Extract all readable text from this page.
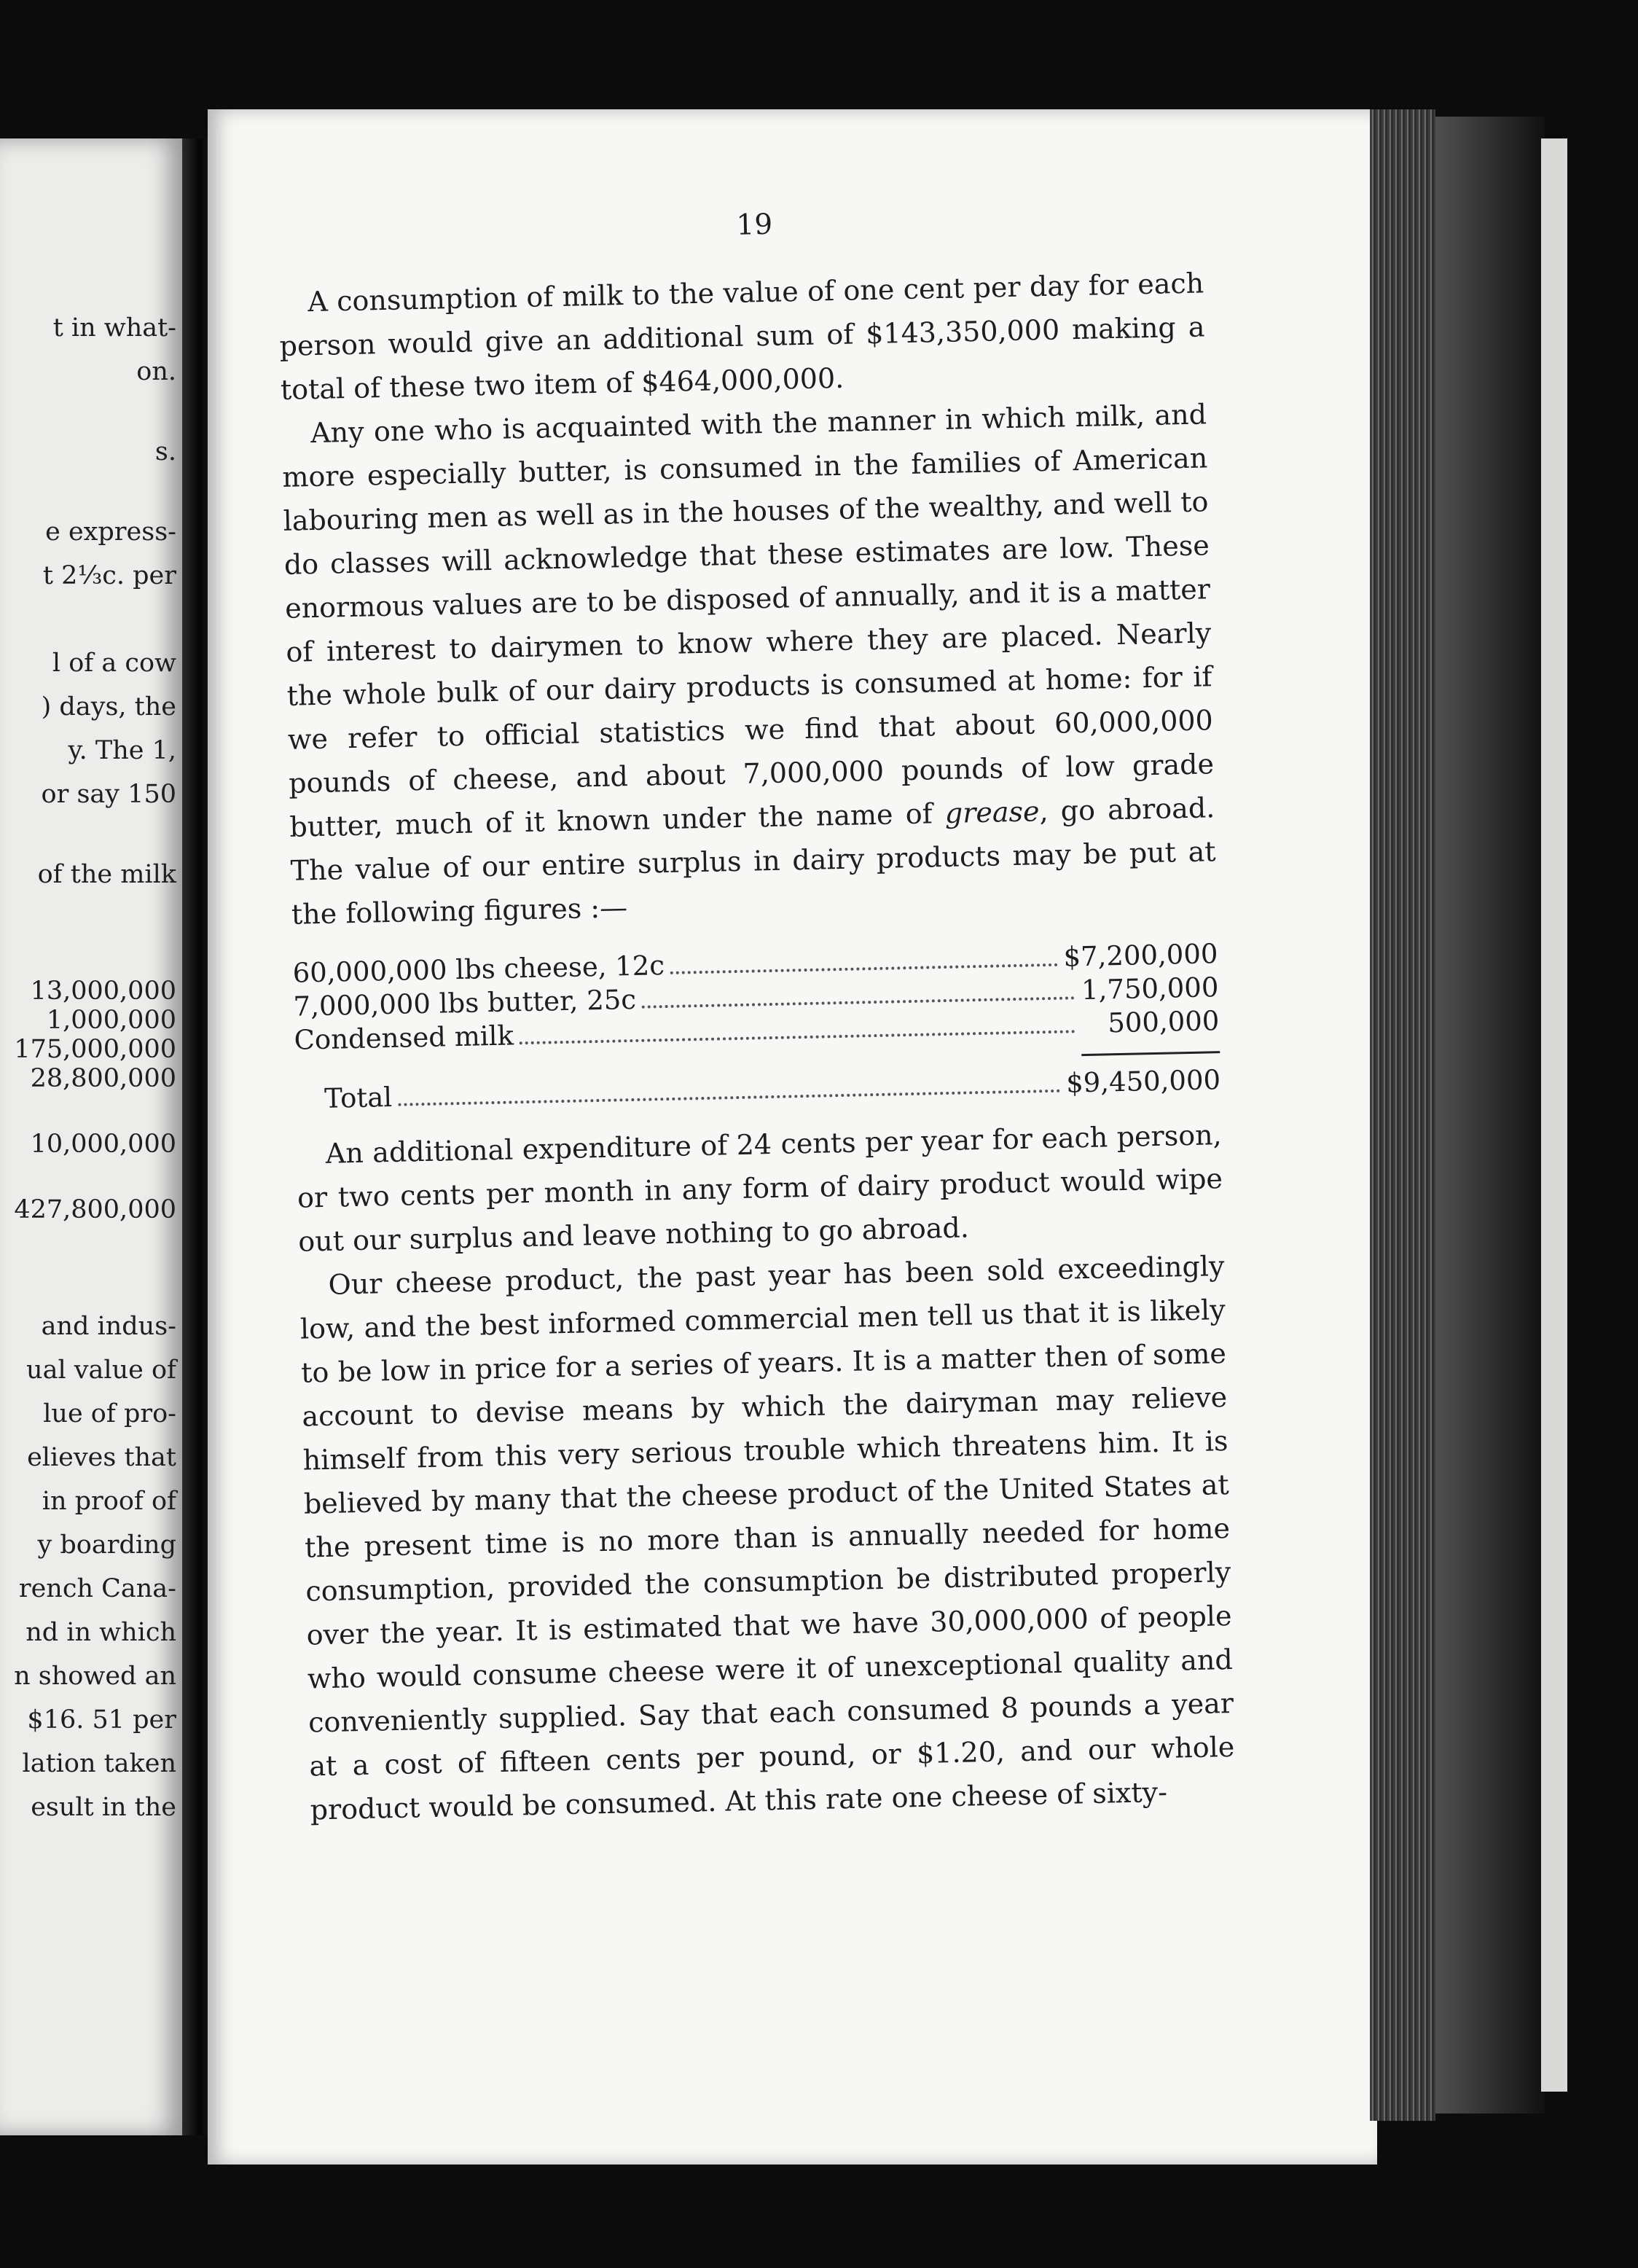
t in what-
on.
s.
e express-
t 2⅓c. per
l of a cow
) days, the
y. The 1,
or say 150
of the milk
13,000,000
1,000,000
175,000,000
28,800,000
10,000,000
427,800,000
and indus-
ual value of
lue of pro-
elieves that
in proof of
y boarding
rench Cana-
nd in which
n showed an
$16. 51 per
lation taken
esult in the
19

A consumption of milk to the value of one cent per day for each person would give an additional sum of $143,350,000 making a total of these two item of $464,000,000.

Any one who is acquainted with the manner in which milk, and more especially butter, is consumed in the families of American labouring men as well as in the houses of the wealthy, and well to do classes will acknowledge that these estimates are low. These enormous values are to be disposed of annually, and it is a matter of interest to dairymen to know where they are placed. Nearly the whole bulk of our dairy products is consumed at home: for if we refer to official statistics we find that about 60,000,000 pounds of cheese, and about 7,000,000 pounds of low grade butter, much of it known under the name of grease, go abroad. The value of our entire surplus in dairy products may be put at the following figures :—

60,000,000 lbs cheese, 12c	$7,200,000
7,000,000 lbs butter, 25c	1,750,000
Condensed milk	500,000
Total	$9,450,000

An additional expenditure of 24 cents per year for each person, or two cents per month in any form of dairy product would wipe out our surplus and leave nothing to go abroad.

Our cheese product, the past year has been sold exceedingly low, and the best informed commercial men tell us that it is likely to be low in price for a series of years. It is a matter then of some account to devise means by which the dairyman may relieve himself from this very serious trouble which threatens him. It is believed by many that the cheese product of the United States at the present time is no more than is annually needed for home consumption, provided the consumption be distributed properly over the year. It is estimated that we have 30,000,000 of people who would consume cheese were it of unexceptional quality and conveniently supplied. Say that each consumed 8 pounds a year at a cost of fifteen cents per pound, or $1.20, and our whole product would be consumed. At this rate one cheese of sixty-
